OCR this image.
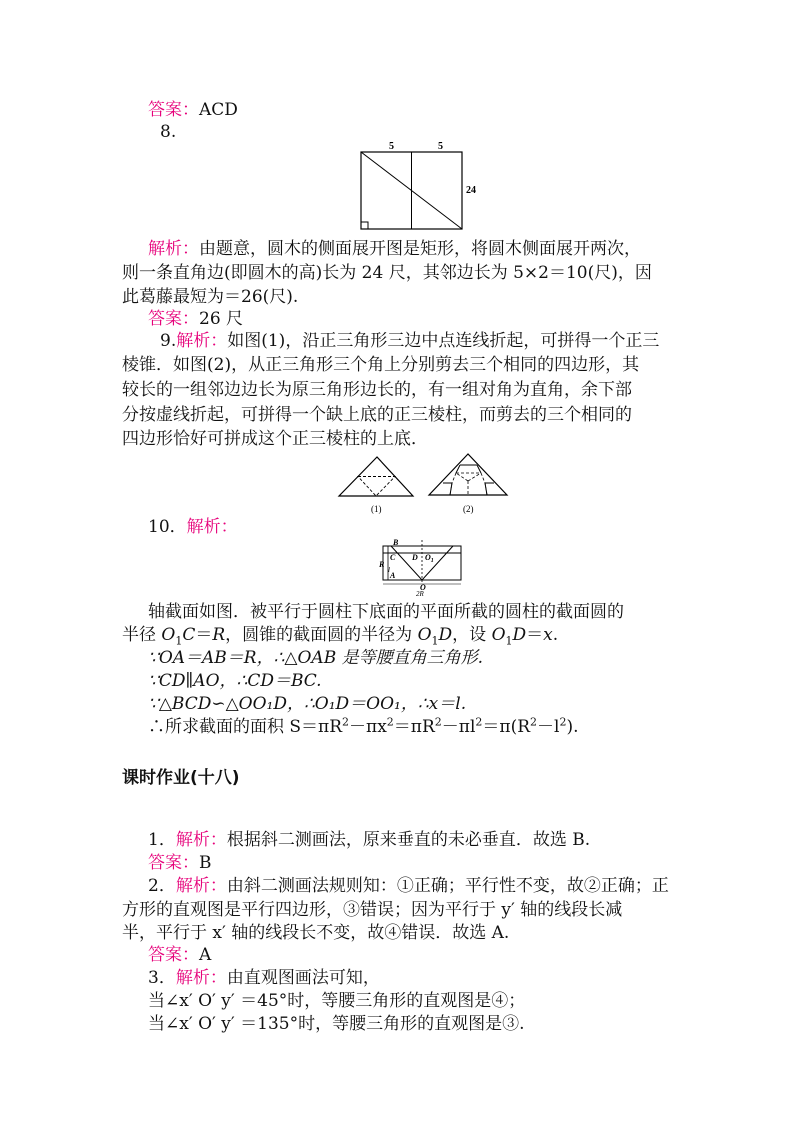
答案：ACD
8.
5	5
24
解析：由题意，圆木的侧面展开图是矩形，将圆木侧面展开两次，
则一条直角边(即圆木的高)长为 24 尺，其邻边长为 5×2＝10(尺)，因
此葛藤最短为＝26(尺).
答案：26 尺
9.解析：如图(1)，沿正三角形三边中点连线折起，可拼得一个正三
棱锥．如图(2)，从正三角形三个角上分别剪去三个相同的四边形，其
较长的一组邻边边长为原三角形边长的，有一组对角为直角，余下部
分按虚线折起，可拼得一个缺上底的正三棱柱，而剪去的三个相同的
四边形恰好可拼成这个正三棱柱的上底．
(1)	(2)
10．解析：
B
C
A
R
l
D $O_1$
O
2R
轴截面如图．被平行于圆柱下底面的平面所截的圆柱的截面圆的
半径 $O_1C=R$，圆锥的截面圆的半径为 $O_1D$，设 $O_1D=x$.
∵OA＝AB＝R，∴△OAB 是等腰直角三角形.
∵CD∥AO，∴CD＝BC.
∵△BCD∽△OO₁D，∴O₁D＝OO₁，∴x＝l.
∴所求截面的面积 $S=\pi R^2-\pi x^2=\pi R^2-\pi l^2=\pi(R^2-l^2)$.
课时作业(十八)
1．解析：根据斜二测画法，原来垂直的未必垂直．故选 B.
答案：B
2．解析：由斜二测画法规则知：①正确；平行性不变，故②正确；正
方形的直观图是平行四边形，③错误；因为平行于 y′ 轴的线段长减
半，平行于 x′ 轴的线段长不变，故④错误．故选 A.
答案：A
3．解析：由直观图画法可知，
当∠x′ O′ y′ ＝45°时，等腰三角形的直观图是④；
当∠x′ O′ y′ ＝135°时，等腰三角形的直观图是③.
